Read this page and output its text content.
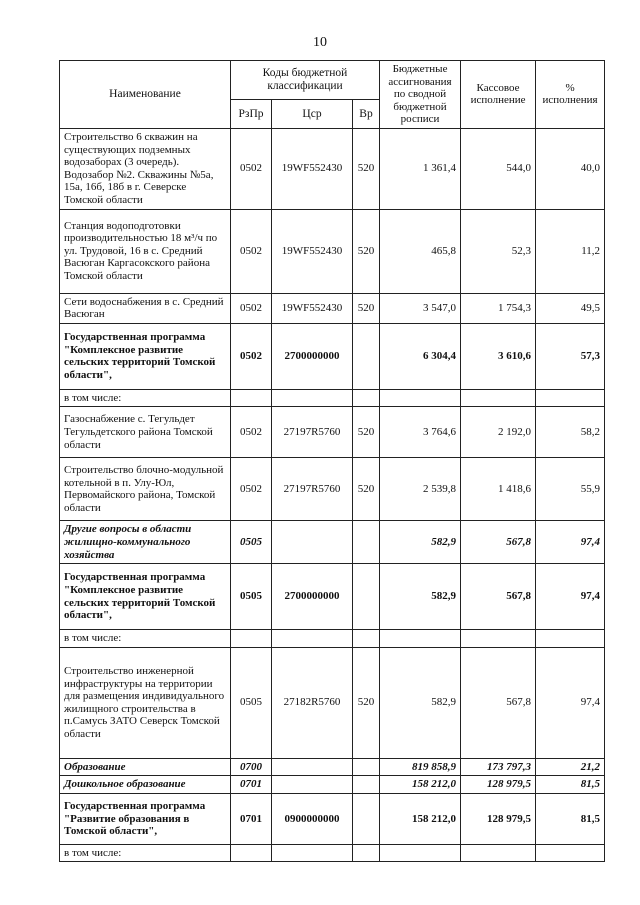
10
Наименование	Коды бюджетной классификации			Бюджетные ассигнования по сводной бюджетной росписи	Кассовое исполнение	% исполнения
	РзПр	Цср	Вр			
Строительство 6 скважин на существующих подземных водозаборах (3 очередь). Водозабор №2. Скважины №5а, 15а, 16б, 18б в г. Северске Томской области	0502	19WF552430	520	1 361,4	544,0	40,0
Станция водоподготовки производительностью 18 м³/ч по ул. Трудовой, 16 в с. Средний Васюган Каргасокского района Томской области	0502	19WF552430	520	465,8	52,3	11,2
Сети водоснабжения в с. Средний Васюган	0502	19WF552430	520	3 547,0	1 754,3	49,5
Государственная программа "Комплексное развитие сельских территорий Томской области",	0502	2700000000		6 304,4	3 610,6	57,3
в том числе:						
Газоснабжение с. Тегульдет Тегульдетского района Томской области	0502	27197R5760	520	3 764,6	2 192,0	58,2
Строительство блочно-модульной котельной в п. Улу-Юл, Первомайского района, Томской области	0502	27197R5760	520	2 539,8	1 418,6	55,9
Другие вопросы в области жилищно-коммунального хозяйства	0505			582,9	567,8	97,4
Государственная программа "Комплексное развитие сельских территорий Томской области",	0505	2700000000		582,9	567,8	97,4
в том числе:						
Строительство инженерной инфраструктуры на территории для размещения индивидуального жилищного строительства в п.Самусь ЗАТО Северск Томской области	0505	27182R5760	520	582,9	567,8	97,4
Образование	0700			819 858,9	173 797,3	21,2
Дошкольное образование	0701			158 212,0	128 979,5	81,5
Государственная программа "Развитие образования в Томской области",	0701	0900000000		158 212,0	128 979,5	81,5
в том числе:						
